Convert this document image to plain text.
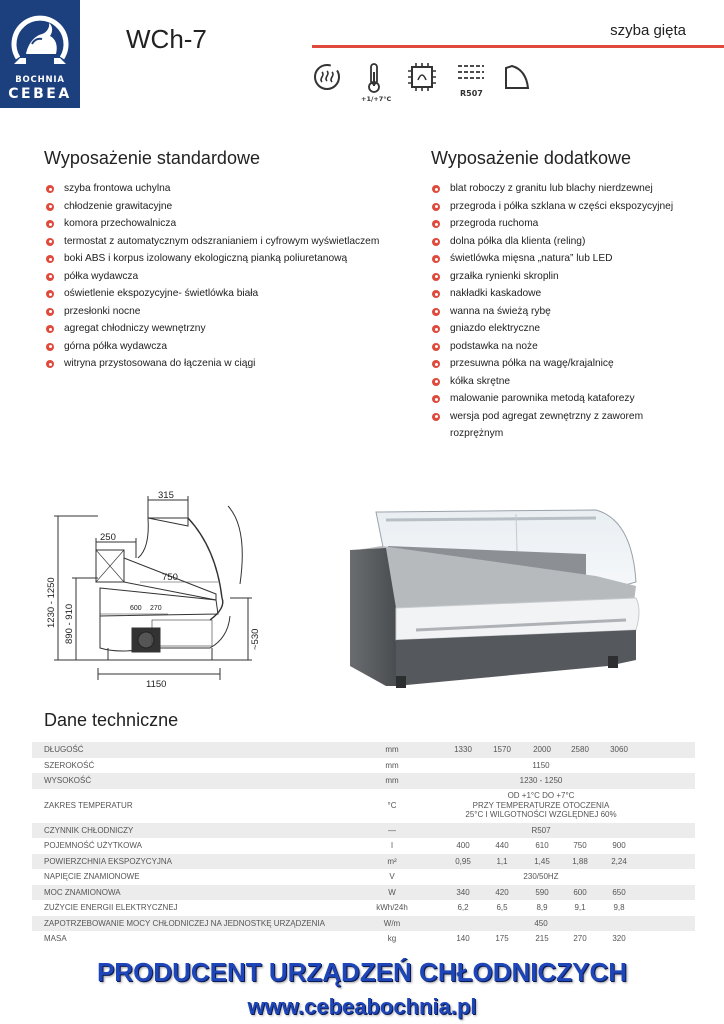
BOCHNIA
CEBEA
WCh-7	szyba gięta
+1/+7°C
R507
Wyposażenie standardowe
szyba frontowa uchylna
chłodzenie grawitacyjne
komora przechowalnicza
termostat z automatycznym odszranianiem i cyfrowym wyświetlaczem
boki ABS i korpus izolowany ekologiczną pianką poliuretanową
półka wydawcza
oświetlenie ekspozycyjne- świetlówka biała
przesłonki nocne
agregat chłodniczy wewnętrzny
górna półka wydawcza
witryna przystosowana do łączenia w ciągi
Wyposażenie dodatkowe
blat roboczy z granitu lub blachy nierdzewnej
przegroda i półka szklana w części ekspozycyjnej
przegroda ruchoma
dolna półka dla klienta (reling)
świetlówka mięsna „natura” lub LED
grzałka rynienki skroplin
nakładki kaskadowe
wanna na świeżą rybę
gniazdo elektryczne
podstawka na noże
przesuwna półka na wagę/krajalnicę
kółka skrętne
malowanie parownika metodą kataforezy
wersja pod agregat zewnętrzny z zaworem
rozprężnym
315
250
750
600 270
1150
1230 - 1250 890 - 910	~530
Dane techniczne
DŁUGOŚĆ	mm	1330	1570	2000	2580	3060
SZEROKOŚĆ	mm	1150
WYSOKOŚĆ	mm	1230 - 1250
ZAKRES TEMPERATUR	°C
OD +1°C DO +7°C
PRZY TEMPERATURZE OTOCZENIA
25°C I WILGOTNOŚCI WZGLĘDNEJ 60%
CZYNNIK CHŁODNICZY	—	R507
POJEMNOŚĆ UŻYTKOWA	l	400	440	610	750	900
POWIERZCHNIA EKSPOZYCYJNA	m²	0,95	1,1	1,45	1,88	2,24
NAPIĘCIE ZNAMIONOWE	V	230/50HZ
MOC ZNAMIONOWA	W	340	420	590	600	650
ZUŻYCIE ENERGII ELEKTRYCZNEJ	kWh/24h	6,2	6,5	8,9	9,1	9,8
ZAPOTRZEBOWANIE MOCY CHŁODNICZEJ NA JEDNOSTKĘ URZĄDZENIA	W/m	450
MASA	kg	140	175	215	270	320
PRODUCENT URZĄDZEŃ CHŁODNICZYCH
www.cebeabochnia.pl
